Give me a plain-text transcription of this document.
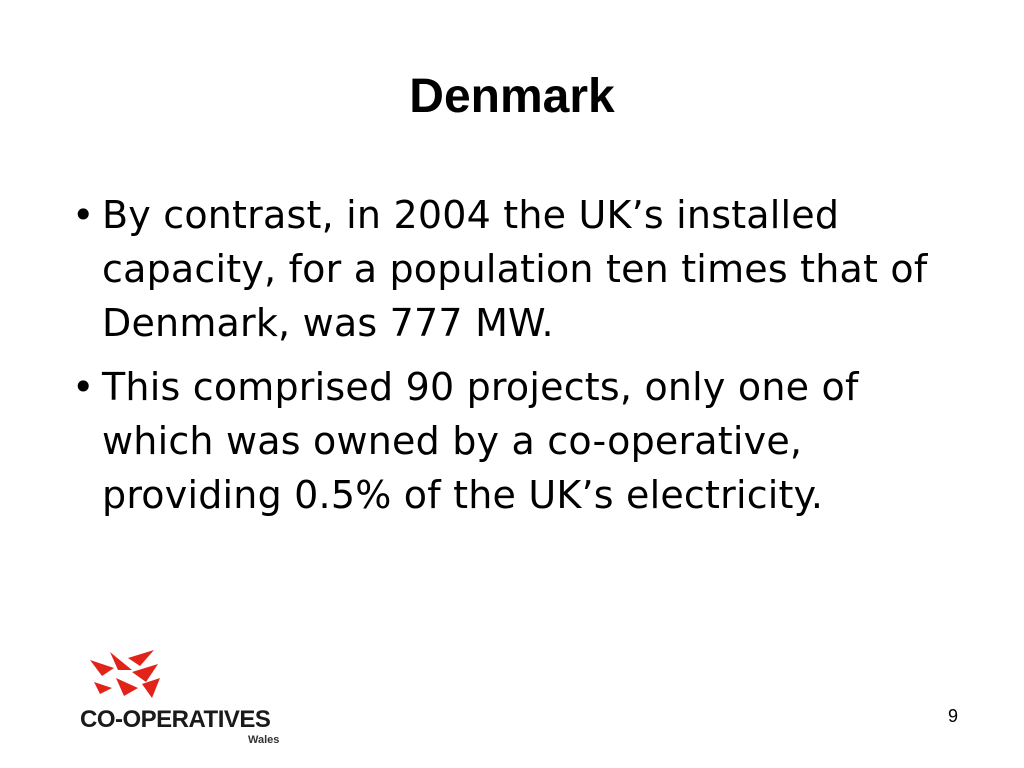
Denmark
• By contrast, in 2004 the UK’s installed capacity, for a population ten times that of Denmark, was 777 MW.
• This comprised 90 projects, only one of which was owned by a co-operative, providing 0.5% of the UK’s electricity.
CO-OPERATIVES
Wales
9
